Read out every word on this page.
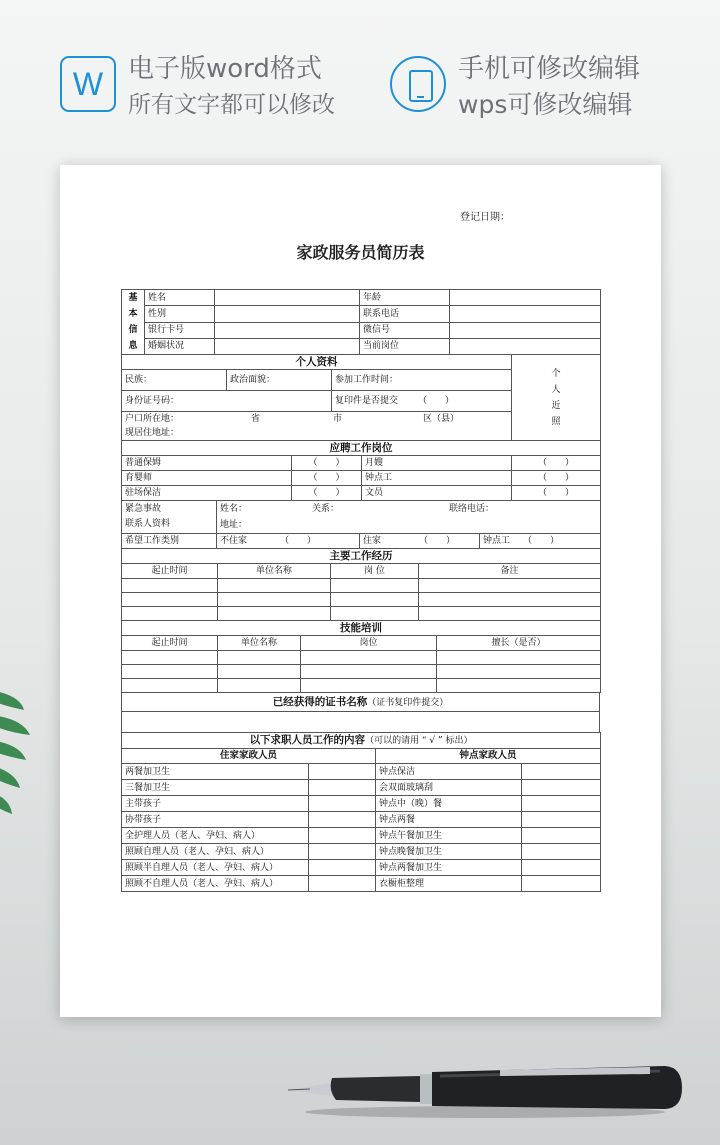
W 电子版word格式
所有文字都可以修改
手机可修改编辑
wps可修改编辑
登记日期：
家政服务员简历表
基
本
信
息	姓名		年龄	
	性别		联系电话	
	银行卡号		微信号	
	婚姻状况		当前岗位	
个人资料			个
人
近
照

民族：	政治面貌：	参加工作时间：	
身份证号码：		复印件是否提交 （　　）	
户口所在地： 省 市 区（县）			
现居住地址：			
应聘工作岗位			
普通保姆	（　　）	月嫂	（　　）
育婴师	（　　）	钟点工	（　　）
驻场保洁	（　　）	文员	（　　）
紧急事故
联系人资料	姓名： 关系： 联络电话：		
	地址：		
希望工作类别	不住家 （　　）	住家 （　　）	钟点工 （　　）
主要工作经历			
起止时间	单位名称	岗 位	备注

技能培训			
起止时间	单位名称	岗位	擅长（是否）

已经获得的证书名称（证书复印件提交）

以下求职人员工作的内容（可以的请用 “ √ ” 标出）			
住家家政人员		钟点家政人员	
两餐加卫生		钟点保洁	
三餐加卫生		会双面玻璃刮	
主带孩子		钟点中（晚）餐	
协带孩子		钟点两餐	
全护理人员（老人、孕妇、病人）		钟点午餐加卫生	
照顾自理人员（老人、孕妇、病人）		钟点晚餐加卫生	
照顾半自理人员（老人、孕妇、病人）		钟点两餐加卫生	
照顾不自理人员（老人、孕妇、病人）		衣橱柜整理	
